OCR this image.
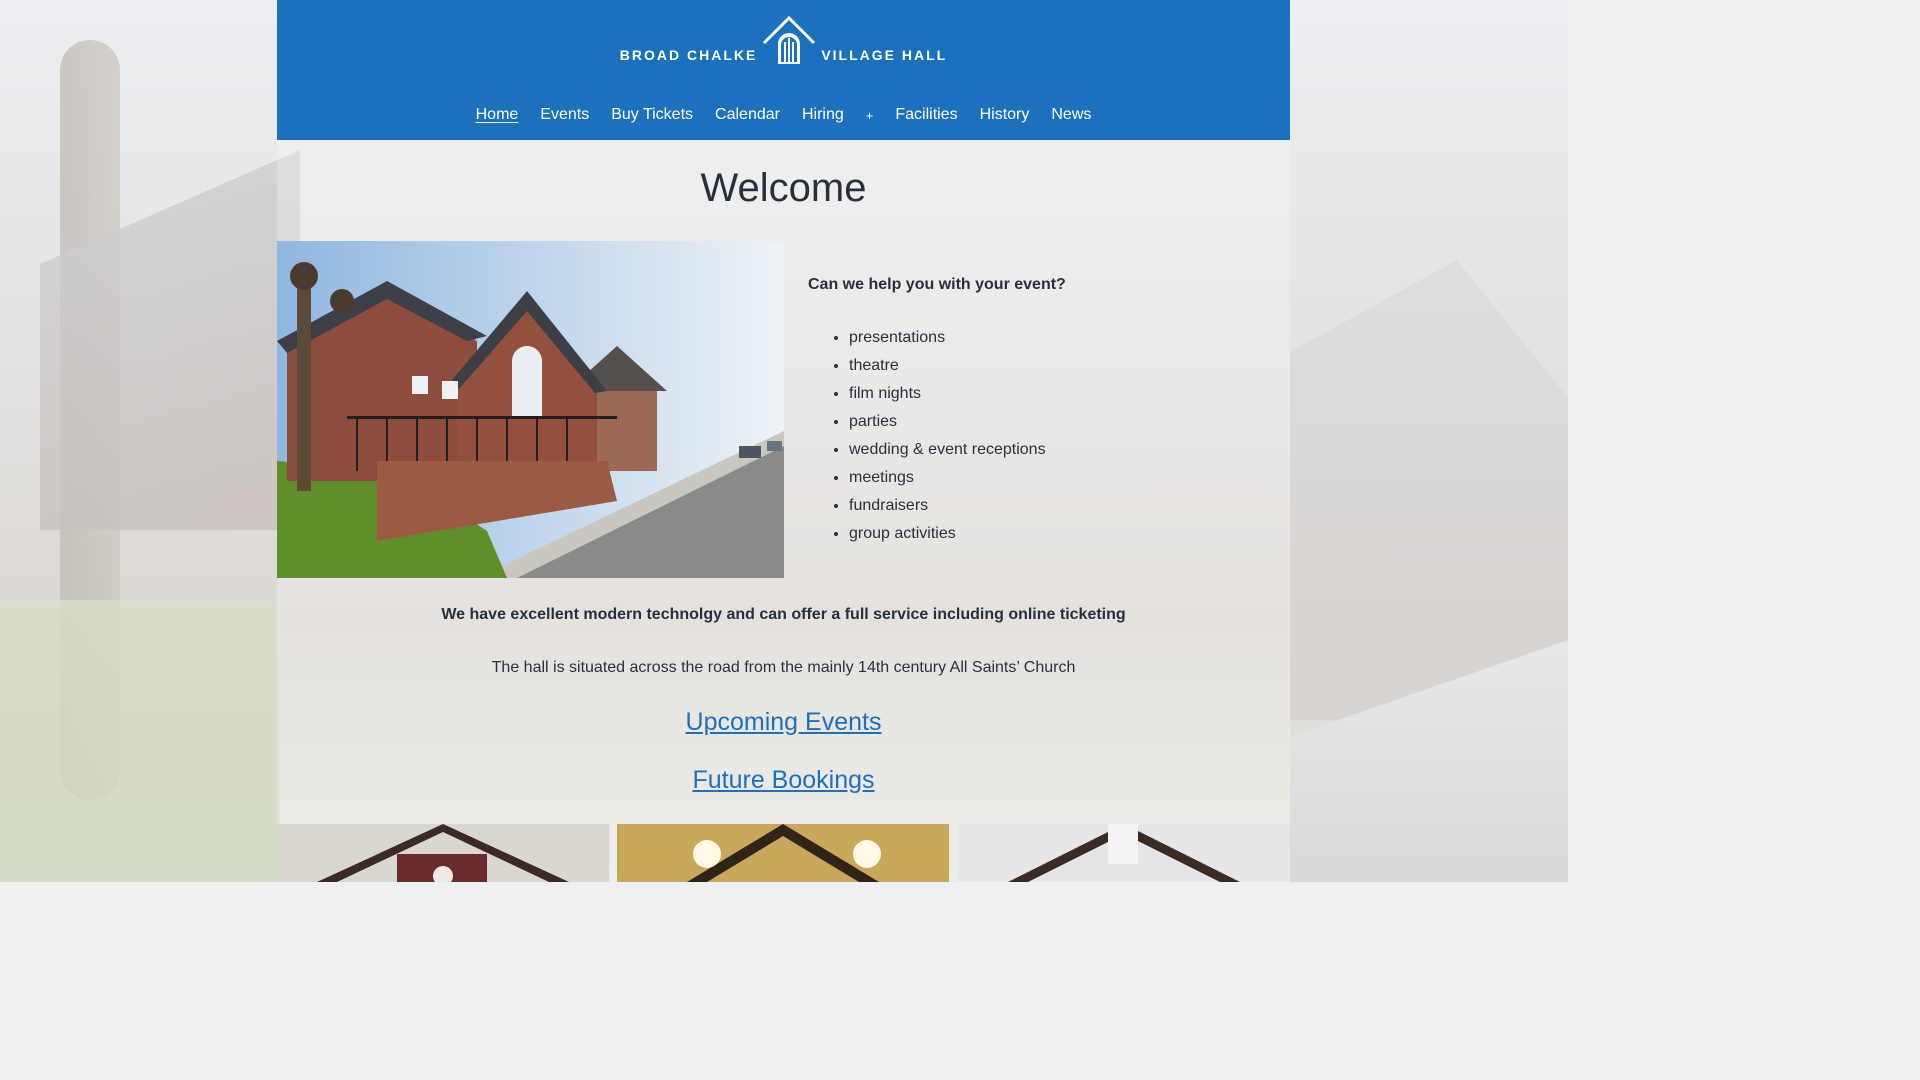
BROAD CHALKE	VILLAGE HALL
Home Events Buy Tickets Calendar Hiring + Facilities History News
Welcome

Can we help you with your event?

• presentations
• theatre
• film nights
• parties
• wedding & event receptions
• meetings
• fundraisers
• group activities

We have excellent modern technolgy and can offer a full service including online ticketing

The hall is situated across the road from the mainly 14th century All Saints’ Church

Upcoming Events
Future Bookings
